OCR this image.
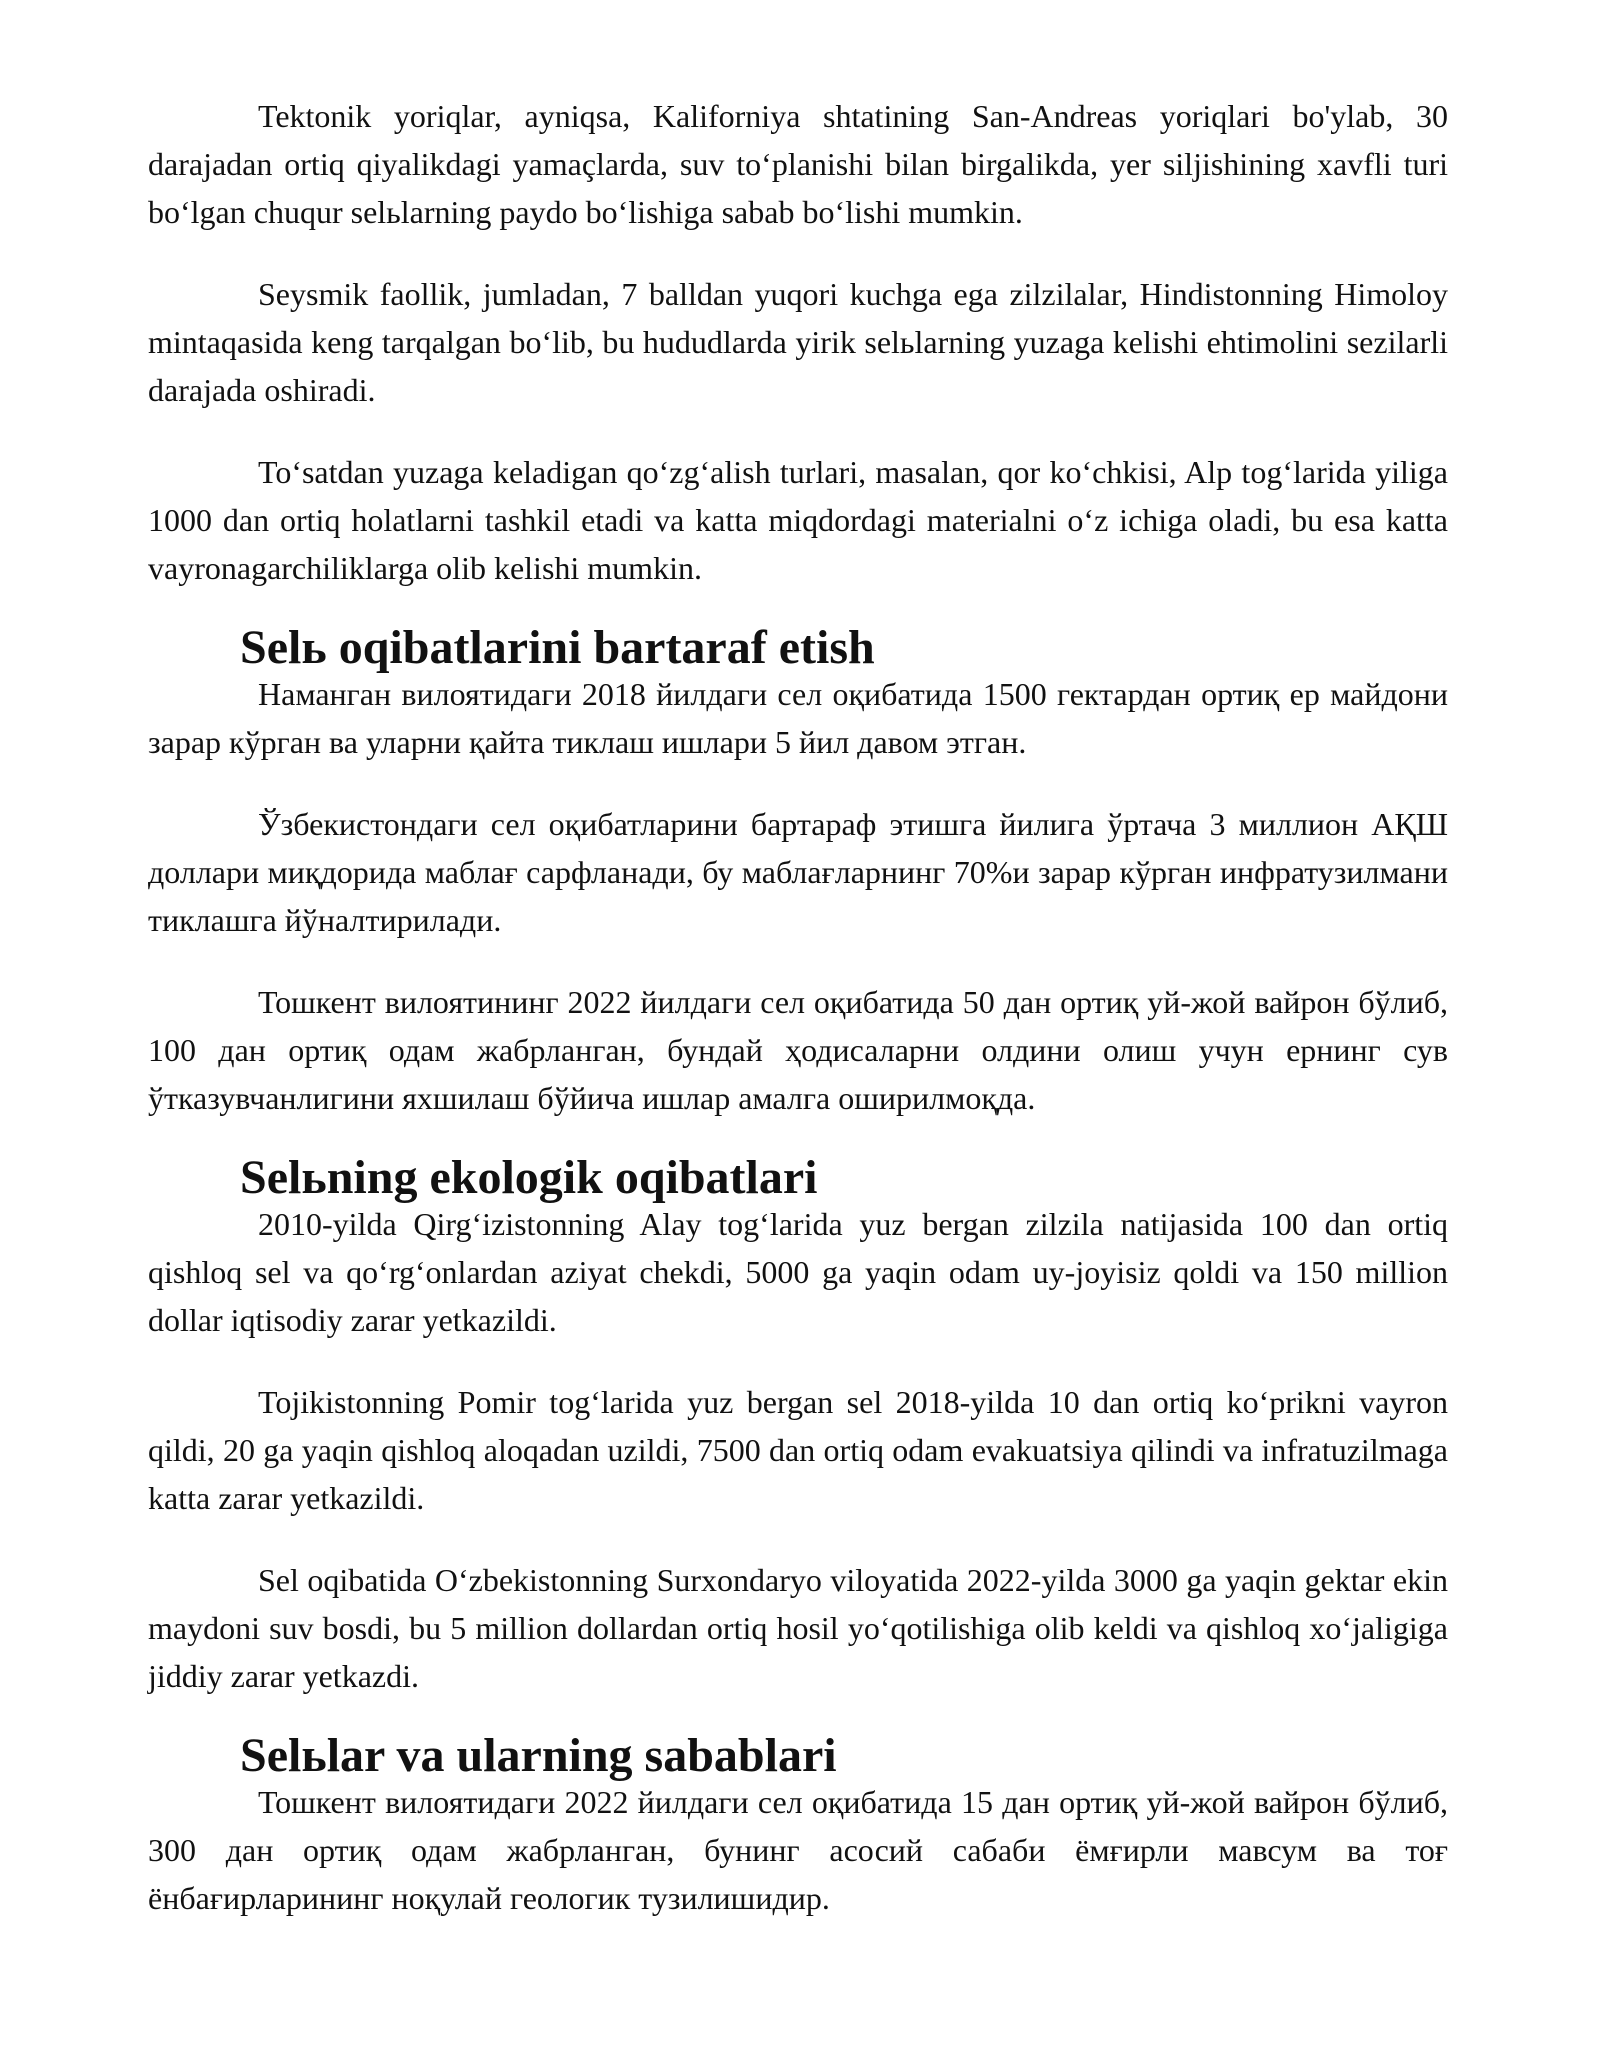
Tektonik yoriqlar, ayniqsa, Kaliforniya shtatining San-Andreas yoriqlari bo'ylab, 30 darajadan ortiq qiyalikdagi yamaçlarda, suv to‘planishi bilan birgalikda, yer siljishining xavfli turi bo‘lgan chuqur selьlarning paydo bo‘lishiga sabab bo‘lishi mumkin.

Seysmik faollik, jumladan, 7 balldan yuqori kuchga ega zilzilalar, Hindistonning Himoloy mintaqasida keng tarqalgan bo‘lib, bu hududlarda yirik selьlarning yuzaga kelishi ehtimolini sezilarli darajada oshiradi.

To‘satdan yuzaga keladigan qo‘zg‘alish turlari, masalan, qor ko‘chkisi, Alp tog‘larida yiliga 1000 dan ortiq holatlarni tashkil etadi va katta miqdordagi materialni o‘z ichiga oladi, bu esa katta vayronagarchiliklarga olib kelishi mumkin.

Selь oqibatlarini bartaraf etish

Наманган вилоятидаги 2018 йилдаги сел оқибатида 1500 гектардан ортиқ ер майдони зарар кўрган ва уларни қайта тиклаш ишлари 5 йил давом этган.

Ўзбекистондаги сел оқибатларини бартараф этишга йилига ўртача 3 миллион АҚШ доллари миқдорида маблағ сарфланади, бу маблағларнинг 70%и зарар кўрган инфратузилмани тиклашга йўналтирилади.

Тошкент вилоятининг 2022 йилдаги сел оқибатида 50 дан ортиқ уй-жой вайрон бўлиб, 100 дан ортиқ одам жабрланган, бундай ҳодисаларни олдини олиш учун ернинг сув ўтказувчанлигини яхшилаш бўйича ишлар амалга оширилмоқда.

Selьning ekologik oqibatlari

2010-yilda Qirg‘izistonning Alay tog‘larida yuz bergan zilzila natijasida 100 dan ortiq qishloq sel va qo‘rg‘onlardan aziyat chekdi, 5000 ga yaqin odam uy-joyisiz qoldi va 150 million dollar iqtisodiy zarar yetkazildi.

Tojikistonning Pomir tog‘larida yuz bergan sel 2018-yilda 10 dan ortiq ko‘prikni vayron qildi, 20 ga yaqin qishloq aloqadan uzildi, 7500 dan ortiq odam evakuatsiya qilindi va infratuzilmaga katta zarar yetkazildi.

Sel oqibatida O‘zbekistonning Surxondaryo viloyatida 2022-yilda 3000 ga yaqin gektar ekin maydoni suv bosdi, bu 5 million dollardan ortiq hosil yo‘qotilishiga olib keldi va qishloq xo‘jaligiga jiddiy zarar yetkazdi.

Selьlar va ularning sabablari

Тошкент вилоятидаги 2022 йилдаги сел оқибатида 15 дан ортиқ уй-жой вайрон бўлиб, 300 дан ортиқ одам жабрланган, бунинг асосий сабаби ёмғирли мавсум ва тоғ ёнбағирларининг ноқулай геологик тузилишидир.
